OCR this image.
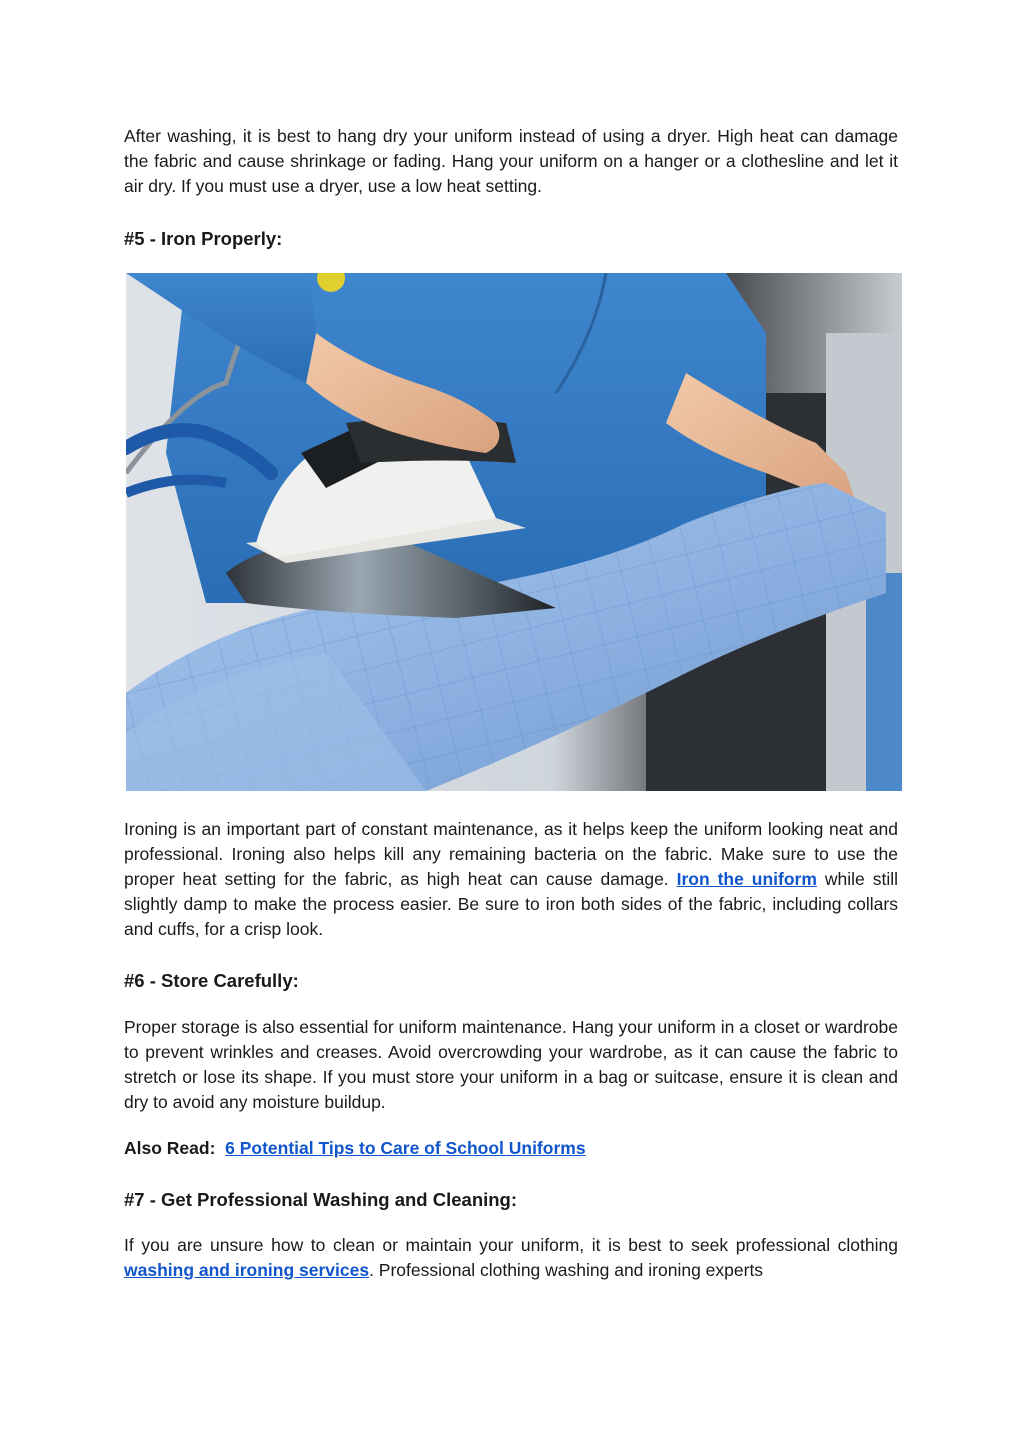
After washing, it is best to hang dry your uniform instead of using a dryer. High heat can damage the fabric and cause shrinkage or fading. Hang your uniform on a hanger or a clothesline and let it air dry. If you must use a dryer, use a low heat setting.

#5 - Iron Properly:

Ironing is an important part of constant maintenance, as it helps keep the uniform looking neat and professional. Ironing also helps kill any remaining bacteria on the fabric. Make sure to use the proper heat setting for the fabric, as high heat can cause damage. Iron the uniform while still slightly damp to make the process easier. Be sure to iron both sides of the fabric, including collars and cuffs, for a crisp look.

#6 - Store Carefully:

Proper storage is also essential for uniform maintenance. Hang your uniform in a closet or wardrobe to prevent wrinkles and creases. Avoid overcrowding your wardrobe, as it can cause the fabric to stretch or lose its shape. If you must store your uniform in a bag or suitcase, ensure it is clean and dry to avoid any moisture buildup.

Also Read: 6 Potential Tips to Care of School Uniforms

#7 - Get Professional Washing and Cleaning:

If you are unsure how to clean or maintain your uniform, it is best to seek professional clothing washing and ironing services. Professional clothing washing and ironing experts
